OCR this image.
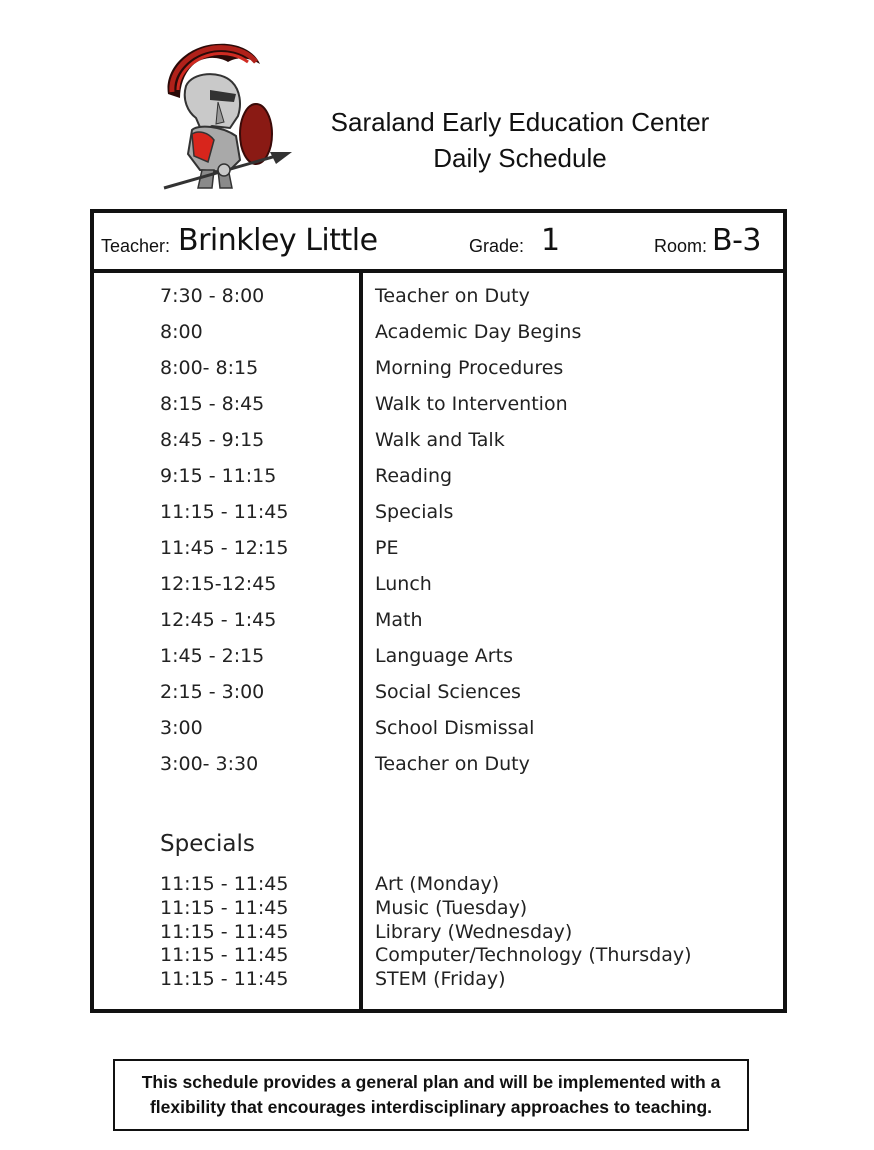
Saraland Early Education Center
Daily Schedule
Teacher: Brinkley Little	Grade: 1	Room: B-3
7:30 - 8:00	Teacher on Duty
8:00	Academic Day Begins
8:00- 8:15	Morning Procedures
8:15 - 8:45	Walk to Intervention
8:45 - 9:15	Walk and Talk
9:15 - 11:15	Reading
11:15 - 11:45	Specials
11:45 - 12:15	PE
12:15-12:45	Lunch
12:45 - 1:45	Math
1:45 - 2:15	Language Arts
2:15 - 3:00	Social Sciences
3:00	School Dismissal
3:00- 3:30	Teacher on Duty
Specials
11:15 - 11:45	Art (Monday)
11:15 - 11:45	Music (Tuesday)
11:15 - 11:45	Library (Wednesday)
11:15 - 11:45	Computer/Technology (Thursday)
11:15 - 11:45	STEM (Friday)
This schedule provides a general plan and will be implemented with a flexibility that encourages interdisciplinary approaches to teaching.
